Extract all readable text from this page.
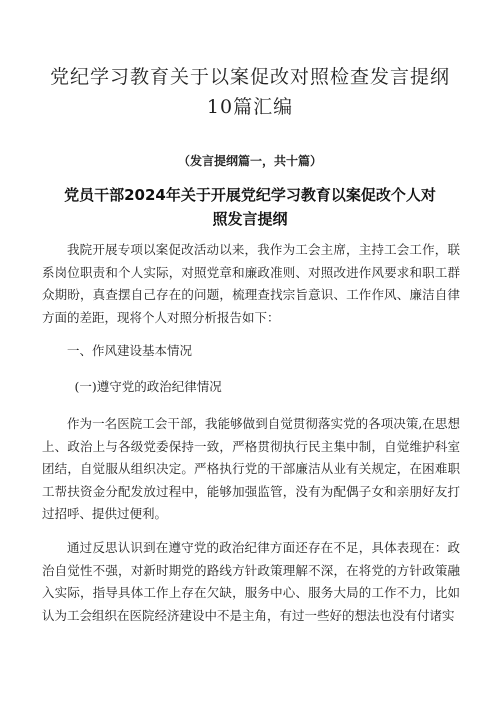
党纪学习教育关于以案促改对照检查发言提纲10篇汇编
（发言提纲篇一，共十篇）
党员干部2024年关于开展党纪学习教育以案促改个人对照发言提纲

我院开展专项以案促改活动以来，我作为工会主席，主持工会工作，联系岗位职责和个人实际，对照党章和廉政准则、对照改进作风要求和职工群众期盼，真查摆自己存在的问题，梳理查找宗旨意识、工作作风、廉洁自律方面的差距，现将个人对照分析报告如下：

一、作风建设基本情况

(一)遵守党的政治纪律情况

作为一名医院工会干部，我能够做到自觉贯彻落实党的各项决策,在思想上、政治上与各级党委保持一致，严格贯彻执行民主集中制，自觉维护科室团结，自觉服从组织决定。严格执行党的干部廉洁从业有关规定，在困难职工帮扶资金分配发放过程中，能够加强监管，没有为配偶子女和亲朋好友打过招呼、提供过便利。

通过反思认识到在遵守党的政治纪律方面还存在不足，具体表现在：政治自觉性不强，对新时期党的路线方针政策理解不深，在将党的方针政策融入实际，指导具体工作上存在欠缺，服务中心、服务大局的工作不力，比如认为工会组织在医院经济建设中不是主角，有过一些好的想法也没有付诸实
